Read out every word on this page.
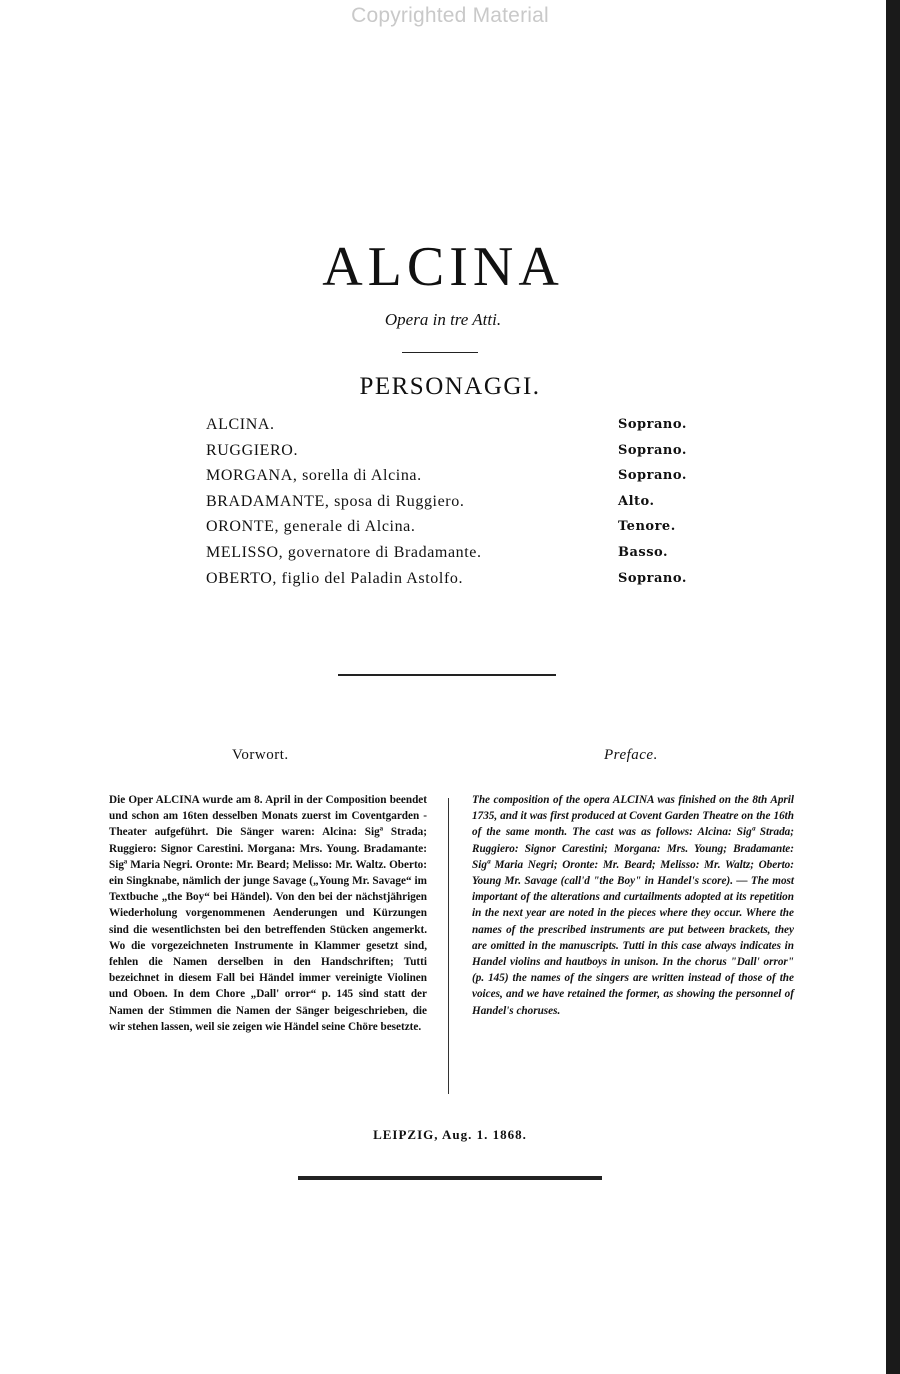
Copyrighted Material
ALCINA
Opera in tre Atti.
PERSONAGGI.
ALCINA.	Soprano.
RUGGIERO.	Soprano.
MORGANA, sorella di Alcina.	Soprano.
BRADAMANTE, sposa di Ruggiero.	Alto.
ORONTE, generale di Alcina.	Tenore.
MELISSO, governatore di Bradamante.	Basso.
OBERTO, figlio del Paladin Astolfo.	Soprano.
Vorwort.	Preface.

Die Oper ALCINA wurde am 8. April in der Composition beendet und schon am 16ten desselben Monats zuerst im Coventgarden - Theater aufgeführt. Die Sänger waren: Alcina: Sigª Strada; Ruggiero: Signor Carestini. Morgana: Mrs. Young. Bradamante: Sigª Maria Negri. Oronte: Mr. Beard; Melisso: Mr. Waltz. Oberto: ein Singknabe, nämlich der junge Savage („Young Mr. Savage“ im Textbuche „the Boy“ bei Händel). Von den bei der nächstjährigen Wiederholung vorgenommenen Aenderungen und Kürzungen sind die wesentlichsten bei den betreffenden Stücken angemerkt. Wo die vorgezeichneten Instrumente in Klammer gesetzt sind, fehlen die Namen derselben in den Handschriften; Tutti bezeichnet in diesem Fall bei Händel immer vereinigte Violinen und Oboen. In dem Chore „Dall' orror“ p. 145 sind statt der Namen der Stimmen die Namen der Sänger beigeschrieben, die wir stehen lassen, weil sie zeigen wie Händel seine Chöre besetzte.

The composition of the opera ALCINA was finished on the 8th April 1735, and it was first produced at Covent Garden Theatre on the 16th of the same month. The cast was as follows: Alcina: Sigª Strada; Ruggiero: Signor Carestini; Morgana: Mrs. Young; Bradamante: Sigª Maria Negri; Oronte: Mr. Beard; Melisso: Mr. Waltz; Oberto: Young Mr. Savage (call'd "the Boy" in Handel's score). — The most important of the alterations and curtailments adopted at its repetition in the next year are noted in the pieces where they occur. Where the names of the prescribed instruments are put between brackets, they are omitted in the manuscripts. Tutti in this case always indicates in Handel violins and hautboys in unison. In the chorus "Dall' orror" (p. 145) the names of the singers are written instead of those of the voices, and we have retained the former, as showing the personnel of Handel's choruses.

LEIPZIG, Aug. 1. 1868.
